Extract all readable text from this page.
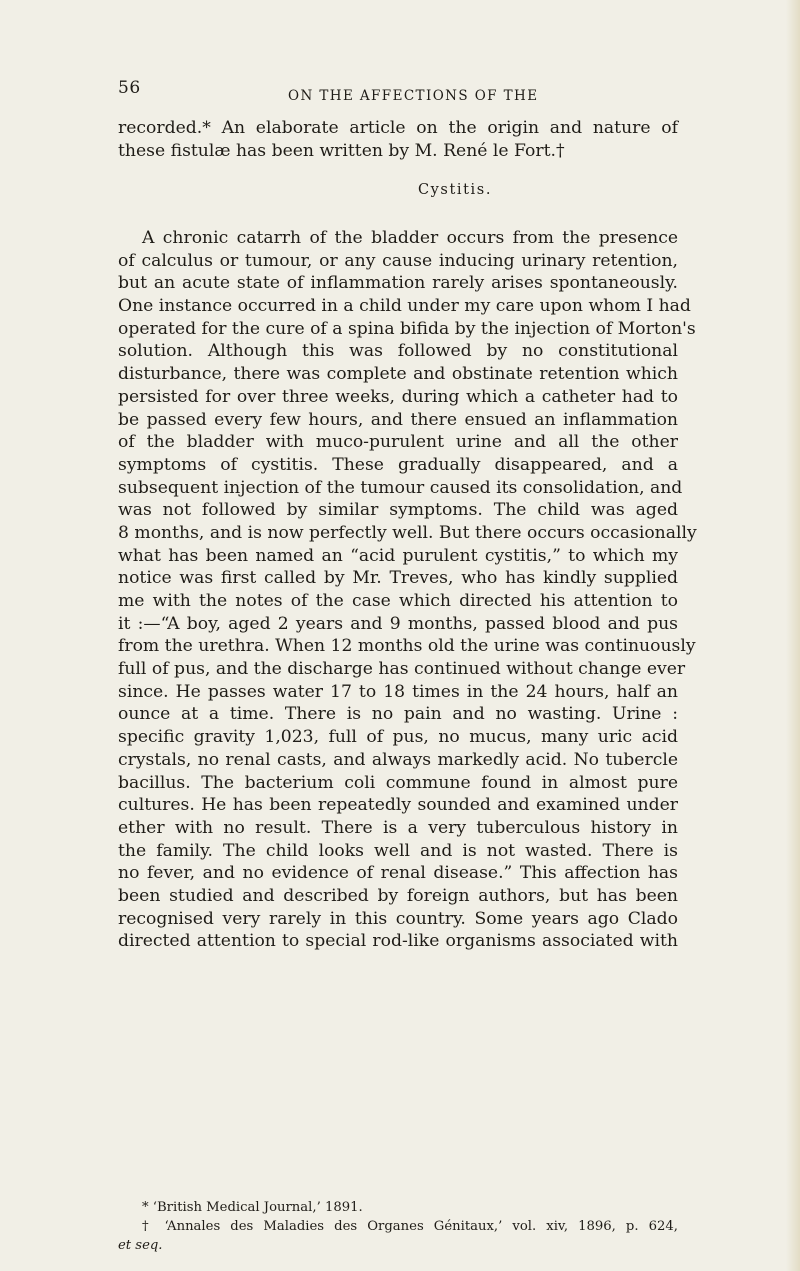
56	ON THE AFFECTIONS OF THE
recorded.* An elaborate article on the origin and nature of
these fistulæ has been written by M. René le Fort.†
Cystitis.
A chronic catarrh of the bladder occurs from the presence
of calculus or tumour, or any cause inducing urinary retention,
but an acute state of inflammation rarely arises spontaneously.
One instance occurred in a child under my care upon whom I had
operated for the cure of a spina bifida by the injection of Morton's
solution. Although this was followed by no constitutional
disturbance, there was complete and obstinate retention which
persisted for over three weeks, during which a catheter had to
be passed every few hours, and there ensued an inflammation
of the bladder with muco-purulent urine and all the other
symptoms of cystitis. These gradually disappeared, and a
subsequent injection of the tumour caused its consolidation, and
was not followed by similar symptoms. The child was aged
8 months, and is now perfectly well. But there occurs occasionally
what has been named an “acid purulent cystitis,” to which my
notice was first called by Mr. Treves, who has kindly supplied
me with the notes of the case which directed his attention to
it :—“A boy, aged 2 years and 9 months, passed blood and pus
from the urethra. When 12 months old the urine was continuously
full of pus, and the discharge has continued without change ever
since. He passes water 17 to 18 times in the 24 hours, half an
ounce at a time. There is no pain and no wasting. Urine :
specific gravity 1,023, full of pus, no mucus, many uric acid
crystals, no renal casts, and always markedly acid. No tubercle
bacillus. The bacterium coli commune found in almost pure
cultures. He has been repeatedly sounded and examined under
ether with no result. There is a very tuberculous history in
the family. The child looks well and is not wasted. There is
no fever, and no evidence of renal disease.” This affection has
been studied and described by foreign authors, but has been
recognised very rarely in this country. Some years ago Clado
directed attention to special rod-like organisms associated with
* ‘British Medical Journal,’ 1891.
† ‘Annales des Maladies des Organes Génitaux,’ vol. xiv, 1896, p. 624,
et seq.
